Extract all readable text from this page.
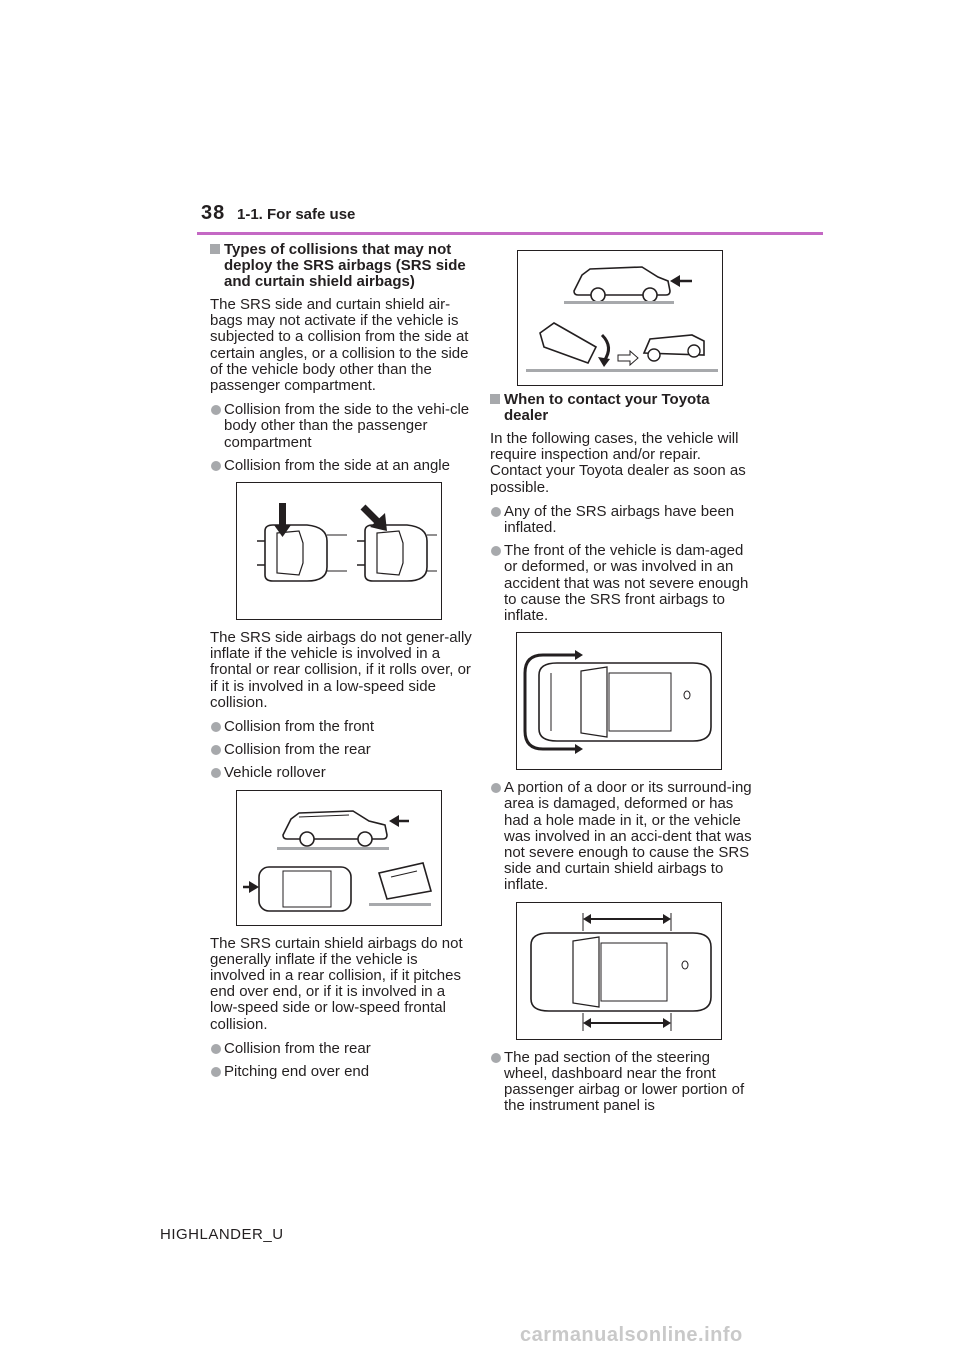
38 1-1. For safe use
Types of collisions that may not deploy the SRS airbags (SRS side and curtain shield airbags)

The SRS side and curtain shield air-bags may not activate if the vehicle is subjected to a collision from the side at certain angles, or a collision to the side of the vehicle body other than the passenger compartment.

Collision from the side to the vehi-cle body other than the passenger compartment
Collision from the side at an angle

The SRS side airbags do not gener-ally inflate if the vehicle is involved in a frontal or rear collision, if it rolls over, or if it is involved in a low-speed side collision.

Collision from the front
Collision from the rear
Vehicle rollover

The SRS curtain shield airbags do not generally inflate if the vehicle is involved in a rear collision, if it pitches end over end, or if it is involved in a low-speed side or low-speed frontal collision.

Collision from the rear
Pitching end over end
When to contact your Toyota dealer

In the following cases, the vehicle will require inspection and/or repair. Contact your Toyota dealer as soon as possible.

Any of the SRS airbags have been inflated.
The front of the vehicle is dam-aged or deformed, or was involved in an accident that was not severe enough to cause the SRS front airbags to inflate.
A portion of a door or its surround-ing area is damaged, deformed or has had a hole made in it, or the vehicle was involved in an acci-dent that was not severe enough to cause the SRS side and curtain shield airbags to inflate.
The pad section of the steering wheel, dashboard near the front passenger airbag or lower portion of the instrument panel is
HIGHLANDER_U
carmanualsonline.info
